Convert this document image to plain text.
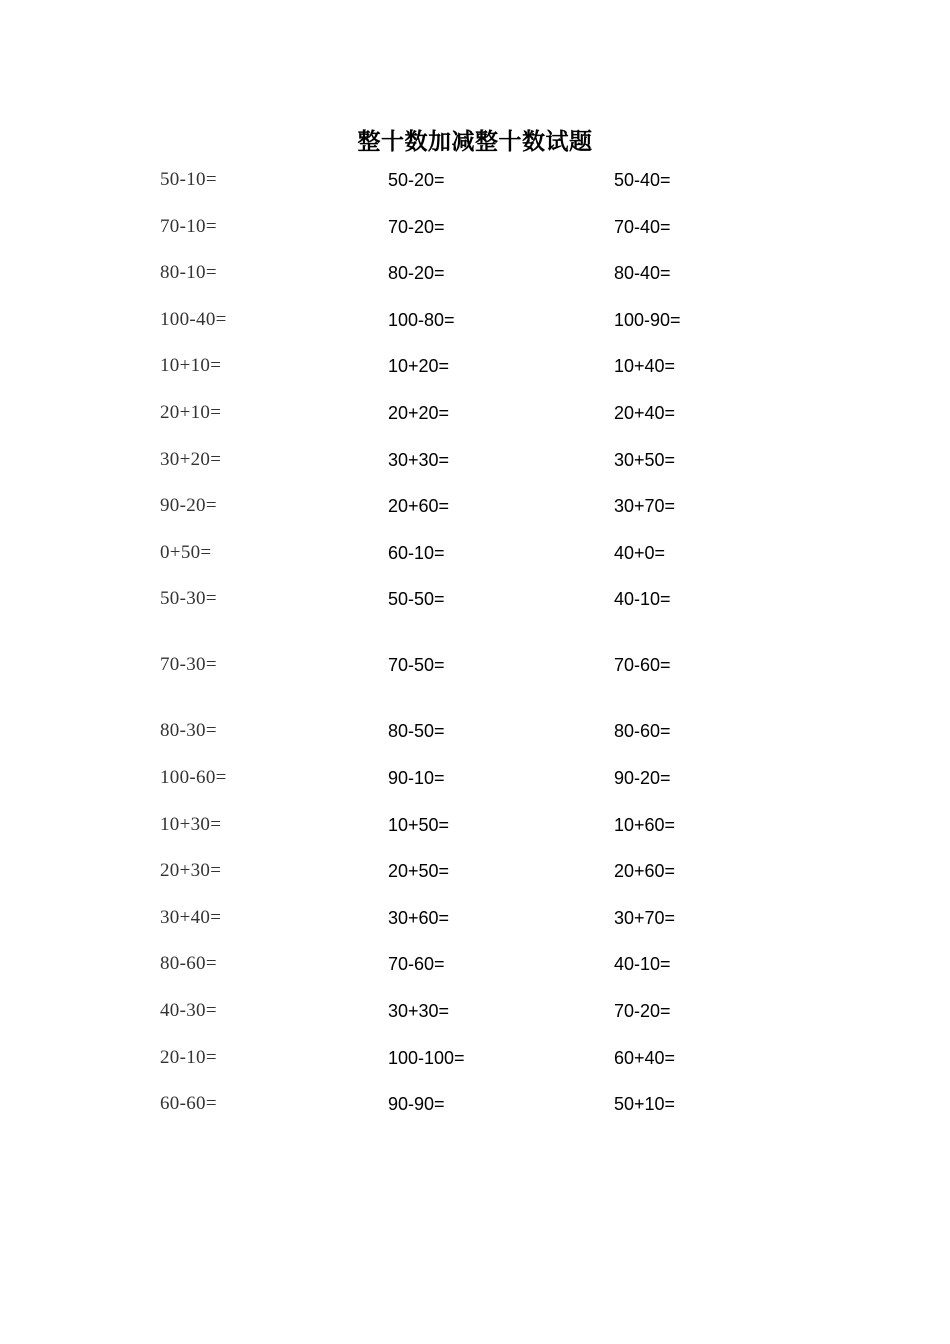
整十数加减整十数试题
50-10=	50-20=	50-40=
70-10=	70-20=	70-40=
80-10=	80-20=	80-40=
100-40=	100-80=	100-90=
10+10=	10+20=	10+40=
20+10=	20+20=	20+40=
30+20=	30+30=	30+50=
90-20=	20+60=	30+70=
0+50=	60-10=	40+0=
50-30=	50-50=	40-10=
70-30=	70-50=	70-60=
80-30=	80-50=	80-60=
100-60=	90-10=	90-20=
10+30=	10+50=	10+60=
20+30=	20+50=	20+60=
30+40=	30+60=	30+70=
80-60=	70-60=	40-10=
40-30=	30+30=	70-20=
20-10=	100-100=	60+40=
60-60=	90-90=	50+10=
